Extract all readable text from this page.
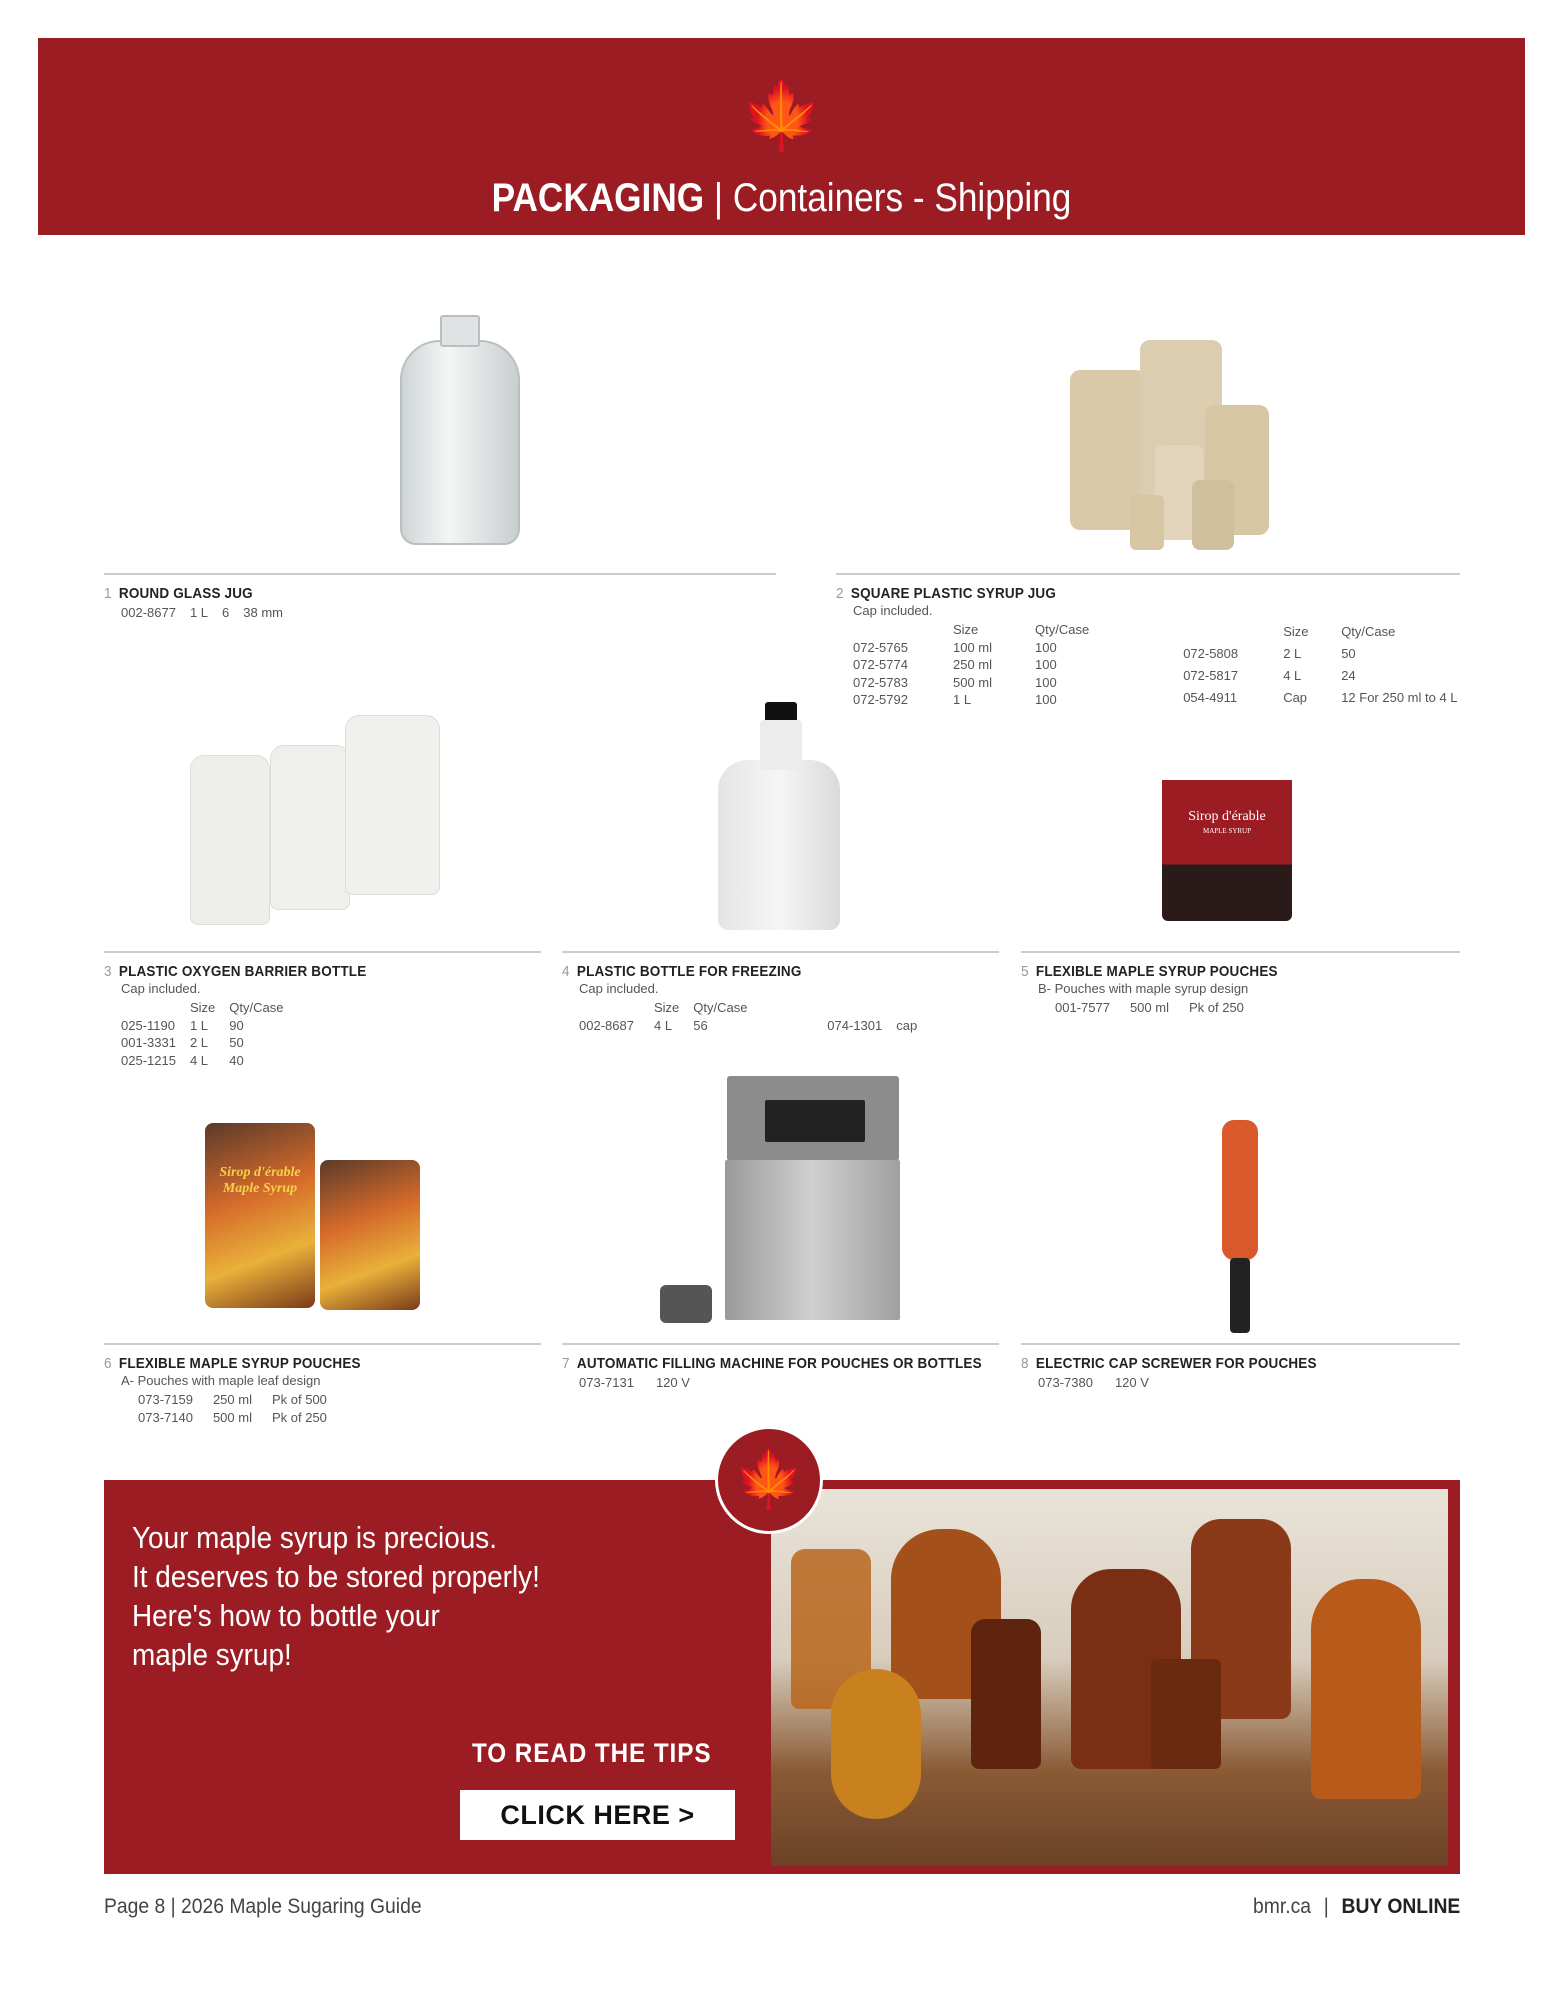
🍁
PACKAGING | Containers - Shipping
1 ROUND GLASS JUG
002-8677	1 L	6	38 mm
2 SQUARE PLASTIC SYRUP JUG
Cap included.
	Size	Qty/Case
072-5765	100 ml	100
072-5774	250 ml	100
072-5783	500 ml	100
072-5792	1 L	100
	Size	Qty/Case
072-5808	2 L	50
072-5817	4 L	24
054-4911	Cap	12 For 250 ml to 4 L
Sirop d'érable
MAPLE SYRUP
3 PLASTIC OXYGEN BARRIER BOTTLE
Cap included.
	Size	Qty/Case
025-1190	1 L	90
001-3331	2 L	50
025-1215	4 L	40
4 PLASTIC BOTTLE FOR FREEZING
Cap included.
	Size	Qty/Case		
002-8687	4 L	56	074-1301	cap
5 FLEXIBLE MAPLE SYRUP POUCHES
B- Pouches with maple syrup design
001-7577	500 ml	Pk of 250
Sirop d'érable Maple Syrup
6 FLEXIBLE MAPLE SYRUP POUCHES
A- Pouches with maple leaf design
073-7159	250 ml	Pk of 500
073-7140	500 ml	Pk of 250
7 AUTOMATIC FILLING MACHINE FOR POUCHES OR BOTTLES
073-7131	120 V
8 ELECTRIC CAP SCREWER FOR POUCHES
073-7380	120 V
Your maple syrup is precious.
It deserves to be stored properly!
Here's how to bottle your
maple syrup!
TO READ THE TIPS
CLICK HERE >
🍁
Page 8 | 2026 Maple Sugaring Guide	bmr.ca | BUY ONLINE
